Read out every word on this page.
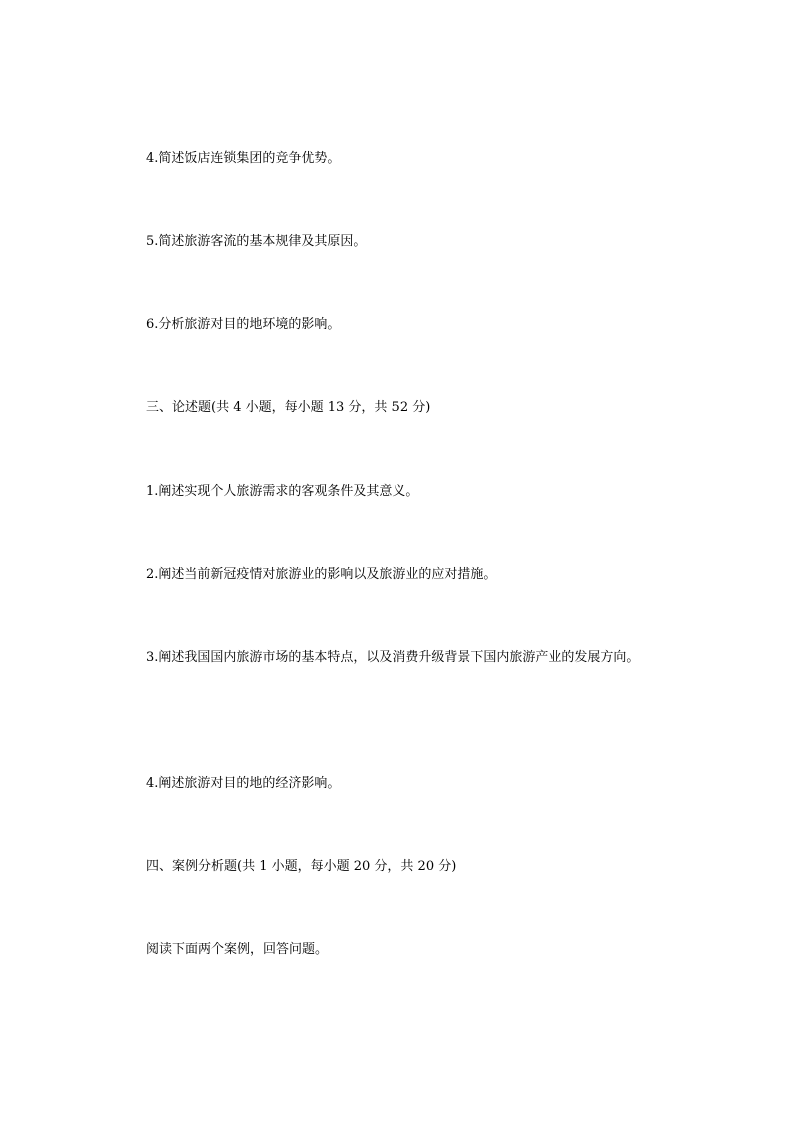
4.简述饭店连锁集团的竞争优势。
5.简述旅游客流的基本规律及其原因。
6.分析旅游对目的地环境的影响。
三、论述题(共 4 小题，每小题 13 分，共 52 分)
1.阐述实现个人旅游需求的客观条件及其意义。
2.阐述当前新冠疫情对旅游业的影响以及旅游业的应对措施。
3.阐述我国国内旅游市场的基本特点，以及消费升级背景下国内旅游产业的发展方向。
4.阐述旅游对目的地的经济影响。
四、案例分析题(共 1 小题，每小题 20 分，共 20 分)
阅读下面两个案例，回答问题。
